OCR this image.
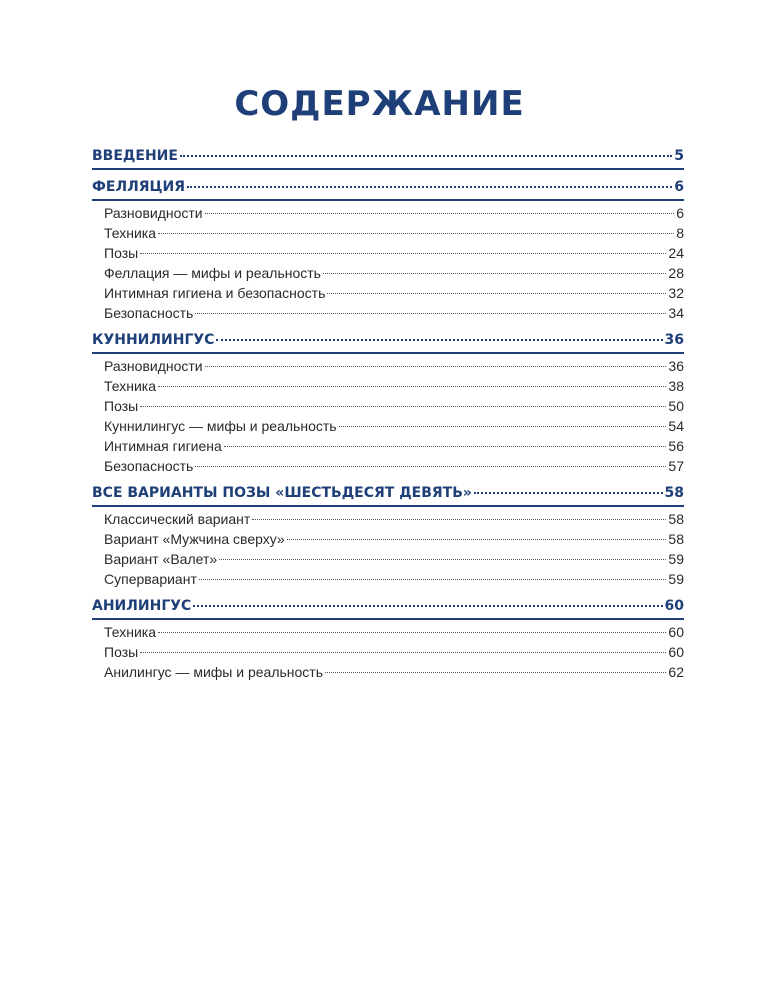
СОДЕРЖАНИЕ
ВВЕДЕНИЕ	5
ФЕЛЛЯЦИЯ	6
Разновидности	6
Техника	8
Позы	24
Феллация — мифы и реальность	28
Интимная гигиена и безопасность	32
Безопасность	34
КУННИЛИНГУС	36
Разновидности	36
Техника	38
Позы	50
Куннилингус — мифы и реальность	54
Интимная гигиена	56
Безопасность	57
ВСЕ ВАРИАНТЫ ПОЗЫ «ШЕСТЬДЕСЯТ ДЕВЯТЬ»	58
Классический вариант	58
Вариант «Мужчина сверху»	58
Вариант «Валет»	59
Супервариант	59
АНИЛИНГУС	60
Техника	60
Позы	60
Анилингус — мифы и реальность	62
